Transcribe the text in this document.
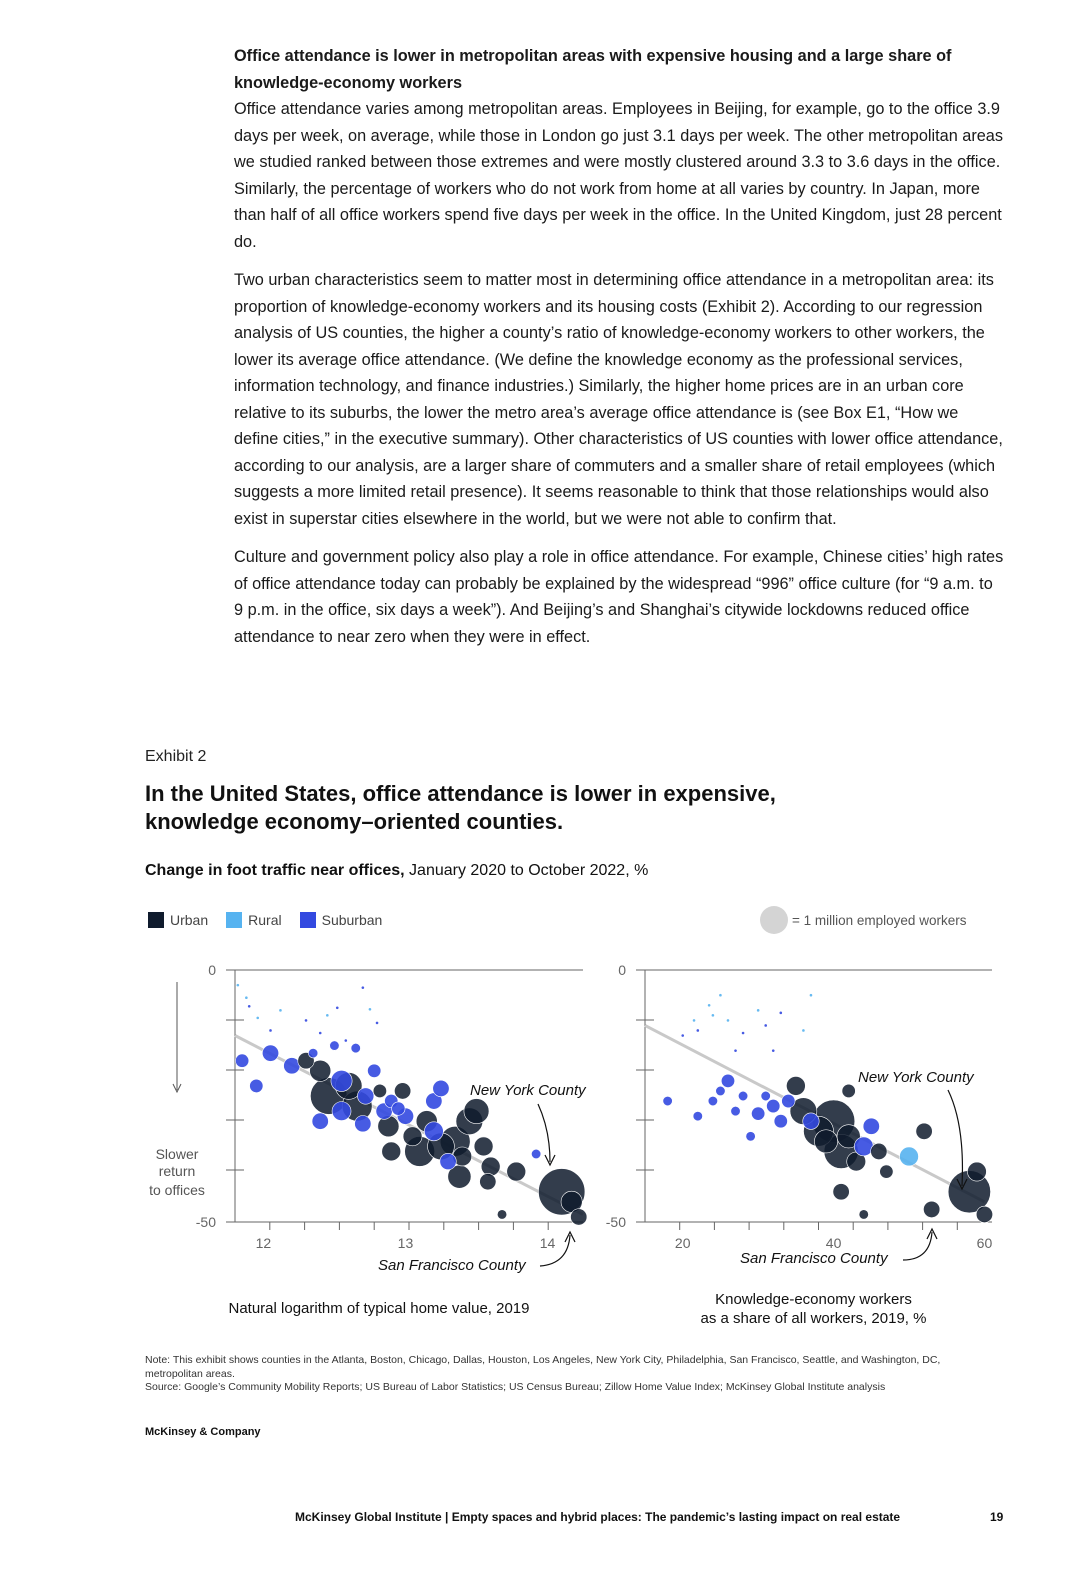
Office attendance is lower in metropolitan areas with expensive housing and a large share of knowledge-economy workers
Office attendance varies among metropolitan areas. Employees in Beijing, for example, go to the office 3.9 days per week, on average, while those in London go just 3.1 days per week. The other metropolitan areas we studied ranked between those extremes and were mostly clustered around 3.3 to 3.6 days in the office. Similarly, the percentage of workers who do not work from home at all varies by country. In Japan, more than half of all office workers spend five days per week in the office. In the United Kingdom, just 28 percent do.

Two urban characteristics seem to matter most in determining office attendance in a metropolitan area: its proportion of knowledge-economy workers and its housing costs (Exhibit 2). According to our regression analysis of US counties, the higher a county’s ratio of knowledge-economy workers to other workers, the lower its average office attendance. (We define the knowledge economy as the professional services, information technology, and finance industries.) Similarly, the higher home prices are in an urban core relative to its suburbs, the lower the metro area’s average office attendance is (see Box E1, “How we define cities,” in the executive summary). Other characteristics of US counties with lower office attendance, according to our analysis, are a larger share of commuters and a smaller share of retail employees (which suggests a more limited retail presence). It seems reasonable to think that those relationships would also exist in superstar cities elsewhere in the world, but we were not able to confirm that.

Culture and government policy also play a role in office attendance. For example, Chinese cities’ high rates of office attendance today can probably be explained by the widespread “996” office culture (for “9 a.m. to 9 p.m. in the office, six days a week”). And Beijing’s and Shanghai’s citywide lockdowns reduced office attendance to near zero when they were in effect.

Exhibit 2
In the United States, office attendance is lower in expensive, knowledge economy–oriented counties.
Change in foot traffic near offices, January 2020 to October 2022, %
Urban	Rural	Suburban	= 1 million employed workers
Slower
return
to offices
0
-50
12	13	14
Natural logarithm of typical home value, 2019
New York County
San Francisco County
0
-50
20	40	60
Knowledge-economy workers
as a share of all workers, 2019, %
New York County
San Francisco County
Note: This exhibit shows counties in the Atlanta, Boston, Chicago, Dallas, Houston, Los Angeles, New York City, Philadelphia, San Francisco, Seattle, and Washington, DC, metropolitan areas.
Source: Google’s Community Mobility Reports; US Bureau of Labor Statistics; US Census Bureau; Zillow Home Value Index; McKinsey Global Institute analysis
McKinsey & Company
McKinsey Global Institute | Empty spaces and hybrid places: The pandemic’s lasting impact on real estate	19
